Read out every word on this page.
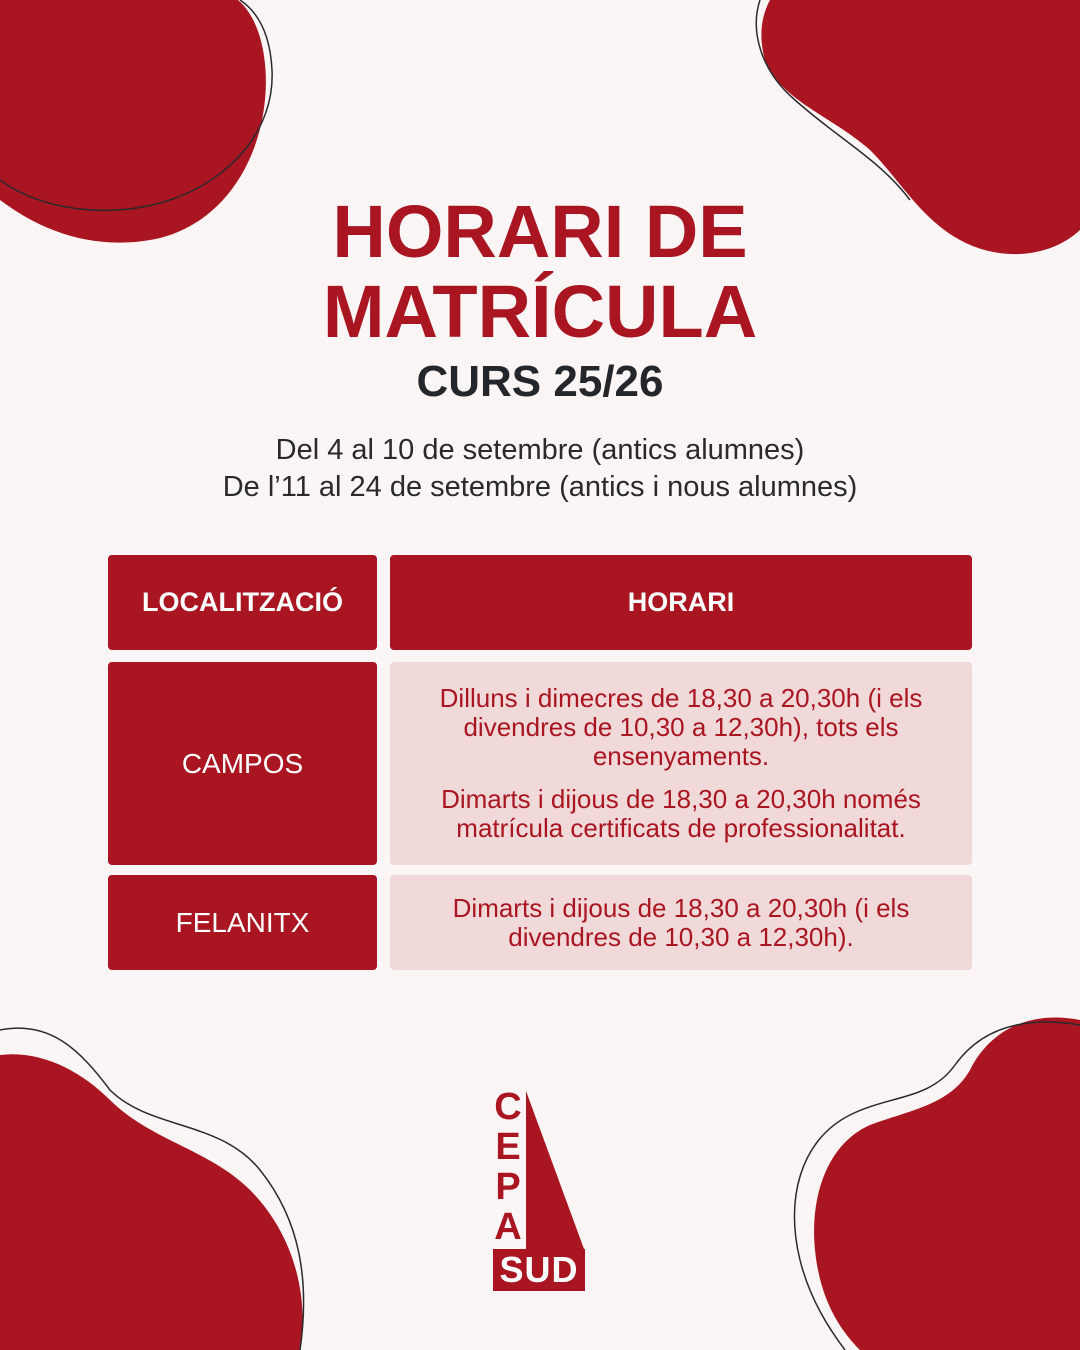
HORARI DE
MATRÍCULA
CURS 25/26
Del 4 al 10 de setembre (antics alumnes)
De l’11 al 24 de setembre (antics i nous alumnes)
LOCALITZACIÓ	HORARI
CAMPOS

Dilluns i dimecres de 18,30 a 20,30h (i els divendres de 10,30 a 12,30h), tots els ensenyaments.

Dimarts i dijous de 18,30 a 20,30h només matrícula certificats de professionalitat.

FELANITX	Dimarts i dijous de 18,30 a 20,30h (i els divendres de 10,30 a 12,30h).

C
E
P
A
SUD
